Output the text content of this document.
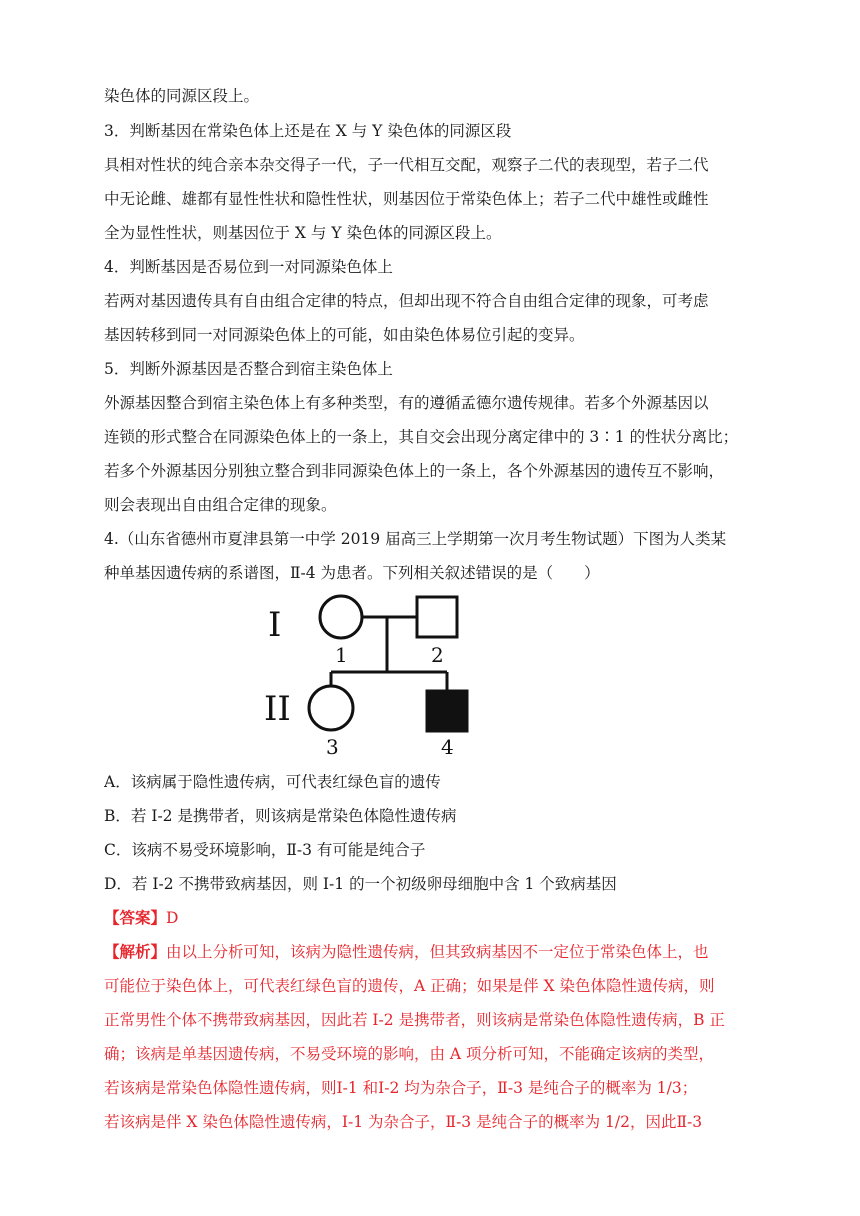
染色体的同源区段上。
3．判断基因在常染色体上还是在 X 与 Y 染色体的同源区段
具相对性状的纯合亲本杂交得子一代，子一代相互交配，观察子二代的表现型，若子二代
中无论雌、雄都有显性性状和隐性性状，则基因位于常染色体上；若子二代中雄性或雌性
全为显性性状，则基因位于 X 与 Y 染色体的同源区段上。
4．判断基因是否易位到一对同源染色体上
若两对基因遗传具有自由组合定律的特点，但却出现不符合自由组合定律的现象，可考虑
基因转移到同一对同源染色体上的可能，如由染色体易位引起的变异。
5．判断外源基因是否整合到宿主染色体上
外源基因整合到宿主染色体上有多种类型，有的遵循孟德尔遗传规律。若多个外源基因以
连锁的形式整合在同源染色体上的一条上，其自交会出现分离定律中的 3∶1 的性状分离比；
若多个外源基因分别独立整合到非同源染色体上的一条上，各个外源基因的遗传互不影响，
则会表现出自由组合定律的现象。
4.（山东省德州市夏津县第一中学 2019 届高三上学期第一次月考生物试题）下图为人类某
种单基因遗传病的系谱图，Ⅱ-4 为患者。下列相关叙述错误的是（　　）
I
II
1	2
3	4
A．该病属于隐性遗传病，可代表红绿色盲的遗传
B．若 I-2 是携带者，则该病是常染色体隐性遗传病
C．该病不易受环境影响，Ⅱ-3 有可能是纯合子
D．若 I-2 不携带致病基因，则 I-1 的一个初级卵母细胞中含 1 个致病基因
【答案】D
【解析】由以上分析可知，该病为隐性遗传病，但其致病基因不一定位于常染色体上，也
可能位于染色体上，可代表红绿色盲的遗传，A 正确；如果是伴 X 染色体隐性遗传病，则
正常男性个体不携带致病基因，因此若 I-2 是携带者，则该病是常染色体隐性遗传病，B 正
确；该病是单基因遗传病，不易受环境的影响，由 A 项分析可知，不能确定该病的类型，
若该病是常染色体隐性遗传病，则Ⅰ-1 和Ⅰ-2 均为杂合子，Ⅱ-3 是纯合子的概率为 1/3；
若该病是伴 X 染色体隐性遗传病，Ⅰ-1 为杂合子，Ⅱ-3 是纯合子的概率为 1/2，因此Ⅱ-3
